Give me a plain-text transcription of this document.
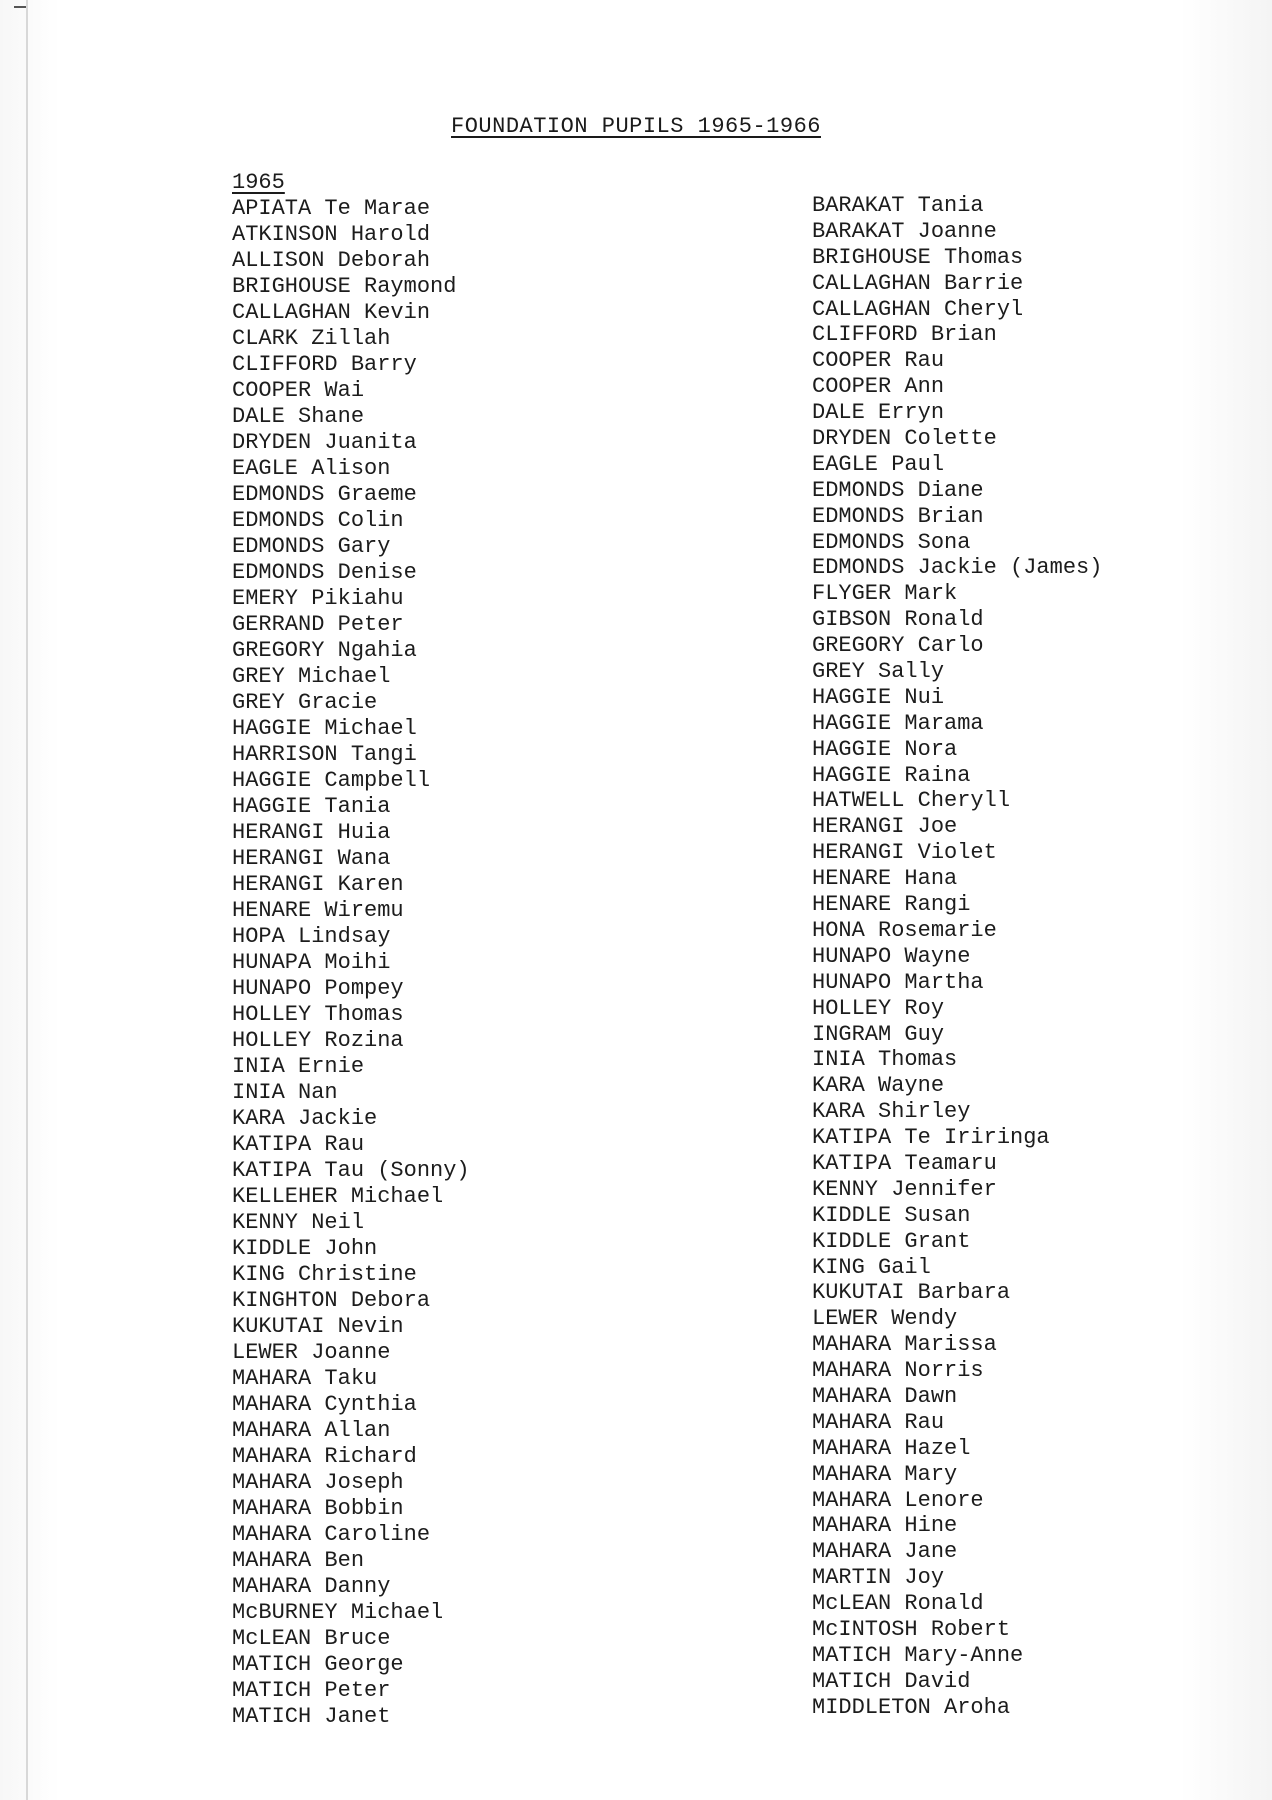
FOUNDATION PUPILS 1965-1966
1965
APIATA Te Marae
ATKINSON Harold
ALLISON Deborah
BRIGHOUSE Raymond
CALLAGHAN Kevin
CLARK Zillah
CLIFFORD Barry
COOPER Wai
DALE Shane
DRYDEN Juanita
EAGLE Alison
EDMONDS Graeme
EDMONDS Colin
EDMONDS Gary
EDMONDS Denise
EMERY Pikiahu
GERRAND Peter
GREGORY Ngahia
GREY Michael
GREY Gracie
HAGGIE Michael
HARRISON Tangi
HAGGIE Campbell
HAGGIE Tania
HERANGI Huia
HERANGI Wana
HERANGI Karen
HENARE Wiremu
HOPA Lindsay
HUNAPA Moihi
HUNAPO Pompey
HOLLEY Thomas
HOLLEY Rozina
INIA Ernie
INIA Nan
KARA Jackie
KATIPA Rau
KATIPA Tau (Sonny)
KELLEHER Michael
KENNY Neil
KIDDLE John
KING Christine
KINGHTON Debora
KUKUTAI Nevin
LEWER Joanne
MAHARA Taku
MAHARA Cynthia
MAHARA Allan
MAHARA Richard
MAHARA Joseph
MAHARA Bobbin
MAHARA Caroline
MAHARA Ben
MAHARA Danny
McBURNEY Michael
McLEAN Bruce
MATICH George
MATICH Peter
MATICH Janet
BARAKAT Tania
BARAKAT Joanne
BRIGHOUSE Thomas
CALLAGHAN Barrie
CALLAGHAN Cheryl
CLIFFORD Brian
COOPER Rau
COOPER Ann
DALE Erryn
DRYDEN Colette
EAGLE Paul
EDMONDS Diane
EDMONDS Brian
EDMONDS Sona
EDMONDS Jackie (James)
FLYGER Mark
GIBSON Ronald
GREGORY Carlo
GREY Sally
HAGGIE Nui
HAGGIE Marama
HAGGIE Nora
HAGGIE Raina
HATWELL Cheryll
HERANGI Joe
HERANGI Violet
HENARE Hana
HENARE Rangi
HONA Rosemarie
HUNAPO Wayne
HUNAPO Martha
HOLLEY Roy
INGRAM Guy
INIA Thomas
KARA Wayne
KARA Shirley
KATIPA Te Iriringa
KATIPA Teamaru
KENNY Jennifer
KIDDLE Susan
KIDDLE Grant
KING Gail
KUKUTAI Barbara
LEWER Wendy
MAHARA Marissa
MAHARA Norris
MAHARA Dawn
MAHARA Rau
MAHARA Hazel
MAHARA Mary
MAHARA Lenore
MAHARA Hine
MAHARA Jane
MARTIN Joy
McLEAN Ronald
McINTOSH Robert
MATICH Mary-Anne
MATICH David
MIDDLETON Aroha
